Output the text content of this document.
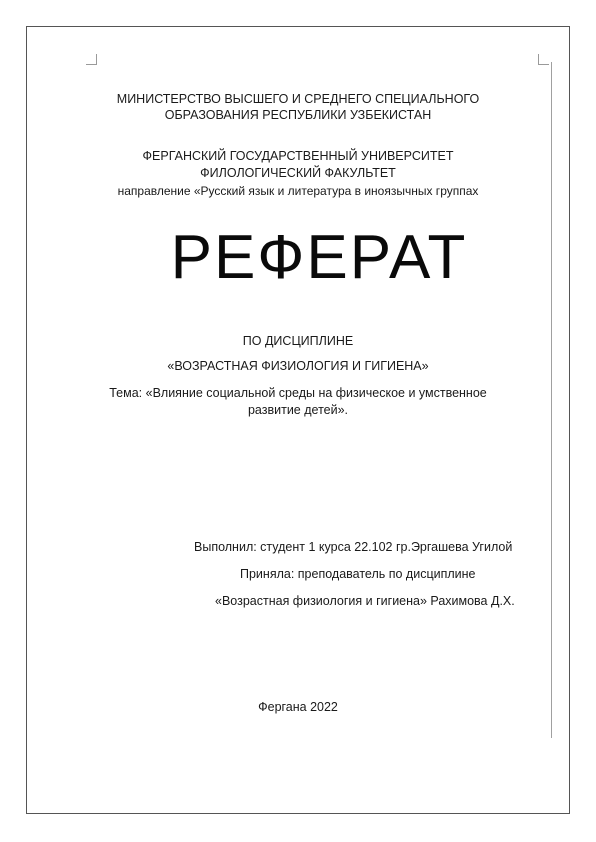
МИНИСТЕРСТВО ВЫСШЕГО И СРЕДНЕГО СПЕЦИАЛЬНОГО
ОБРАЗОВАНИЯ РЕСПУБЛИКИ УЗБЕКИСТАН
ФЕРГАНСКИЙ ГОСУДАРСТВЕННЫЙ УНИВЕРСИТЕТ
ФИЛОЛОГИЧЕСКИЙ ФАКУЛЬТЕТ
направление «Русский язык и литература в иноязычных группах
РЕФЕРАТ
ПО ДИСЦИПЛИНЕ
«ВОЗРАСТНАЯ ФИЗИОЛОГИЯ И ГИГИЕНА»
Тема: «Влияние социальной среды на физическое и умственное
развитие детей».
Выполнил: студент 1 курса 22.102 гр.Эргашева Угилой
Приняла: преподаватель по дисциплине
«Возрастная физиология и гигиена» Рахимова Д.Х.
Фергана 2022
